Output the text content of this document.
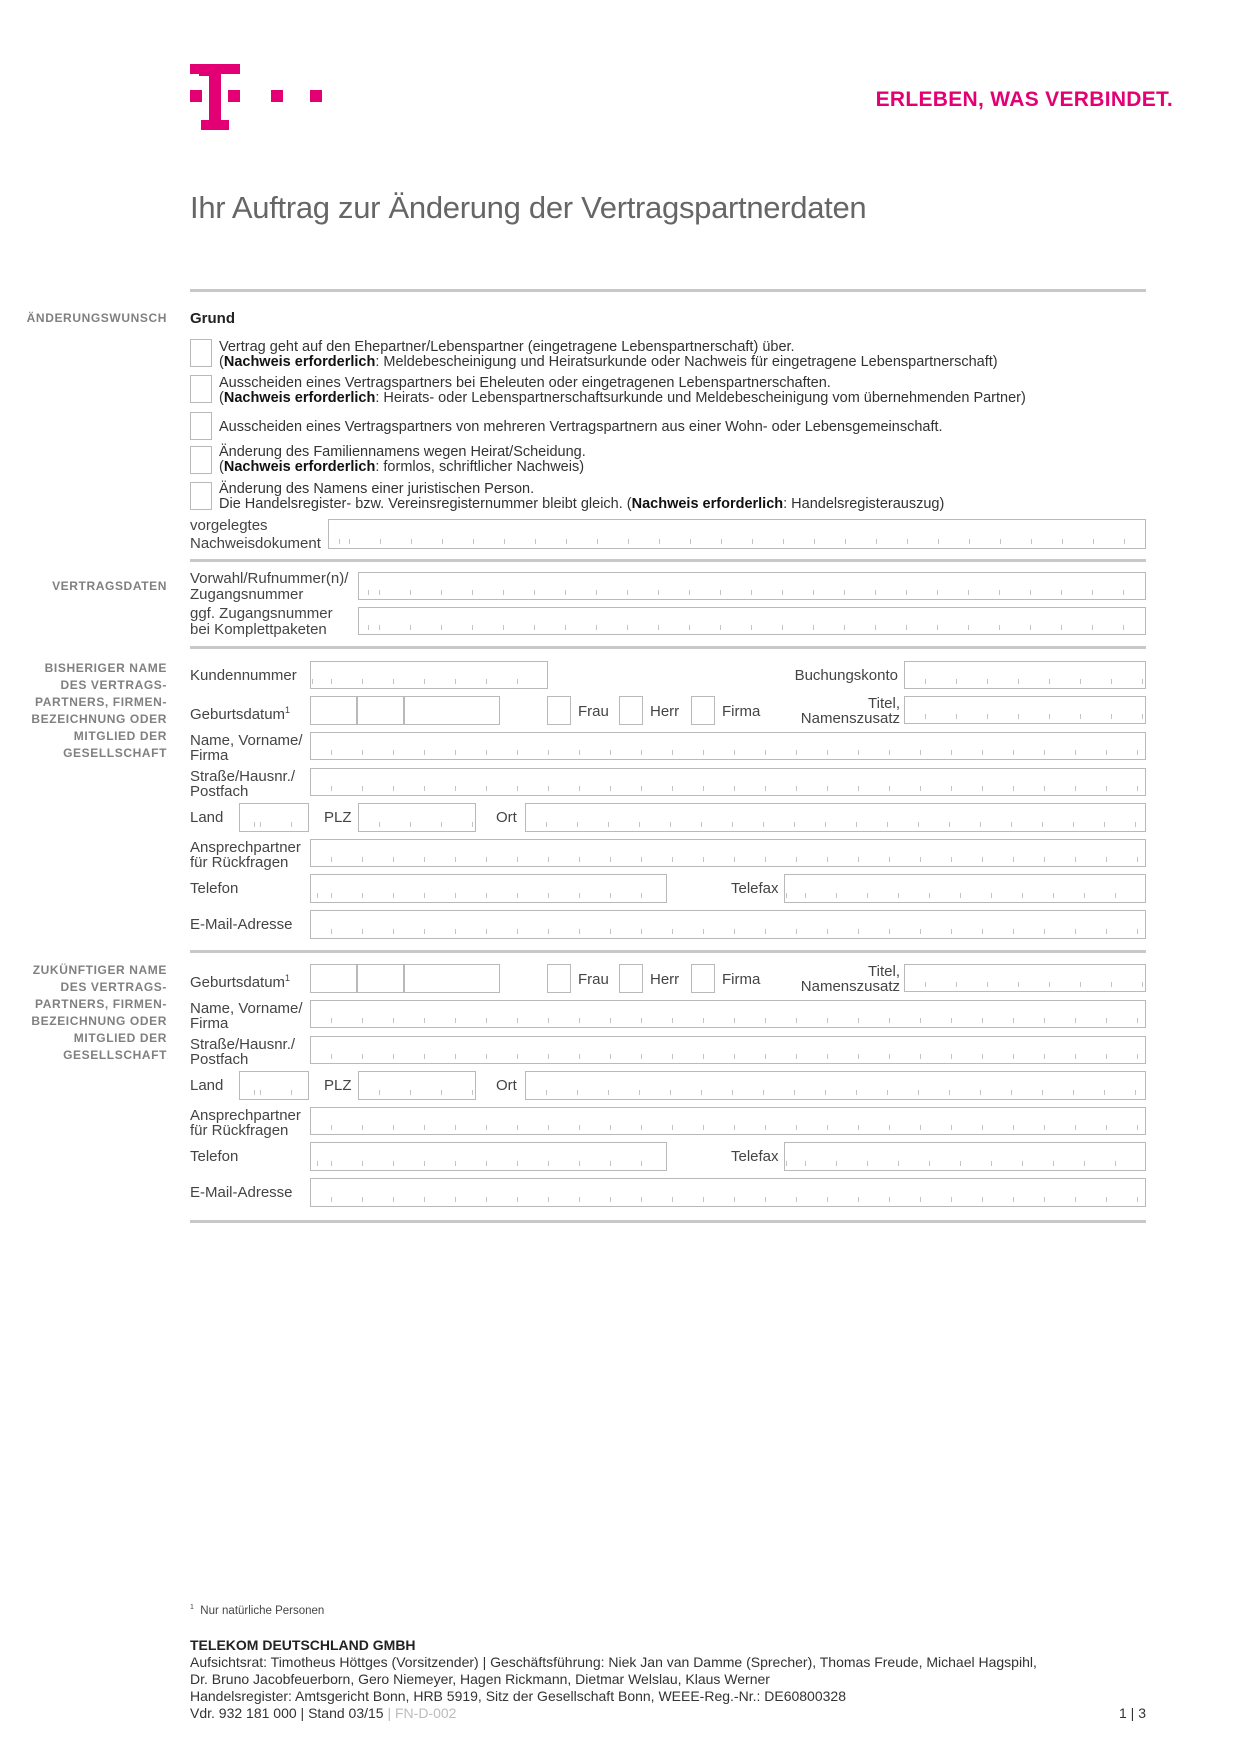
ERLEBEN, WAS VERBINDET.
Ihr Auftrag zur Änderung der Vertragspartnerdaten
ÄNDERUNGSWUNSCH Grund
Vertrag geht auf den Ehepartner/Lebenspartner (eingetragene Lebenspartnerschaft) über.
(Nachweis erforderlich: Meldebescheinigung und Heiratsurkunde oder Nachweis für eingetragene Lebenspartnerschaft)
Ausscheiden eines Vertragspartners bei Eheleuten oder eingetragenen Lebenspartnerschaften.
(Nachweis erforderlich: Heirats- oder Lebenspartnerschaftsurkunde und Meldebescheinigung vom übernehmenden Partner)
Ausscheiden eines Vertragspartners von mehreren Vertragspartnern aus einer Wohn- oder Lebensgemeinschaft.
Änderung des Familiennamens wegen Heirat/Scheidung.
(Nachweis erforderlich: formlos, schriftlicher Nachweis)
Änderung des Namens einer juristischen Person.
Die Handelsregister- bzw. Vereinsregisternummer bleibt gleich. (Nachweis erforderlich: Handelsregisterauszug)
vorgelegtes
Nachweisdokument
VERTRAGSDATEN Vorwahl/Rufnummer(n)/
Zugangsnummer
ggf. Zugangsnummer
bei Komplettpaketen
BISHERIGER NAME
DES VERTRAGS-
PARTNERS, FIRMEN-
BEZEICHNUNG ODER
MITGLIED DER
GESELLSCHAFT
Kundennummer	Buchungskonto
Geburtsdatum$^1$	Frau	Herr	Firma	Titel,
Namenszusatz
Name, Vorname/
Firma
Straße/Hausnr./
Postfach
Land	PLZ	Ort
Ansprechpartner
für Rückfragen
Telefon	Telefax
E-Mail-Adresse
ZUKÜNFTIGER NAME
DES VERTRAGS-
PARTNERS, FIRMEN-
BEZEICHNUNG ODER
MITGLIED DER
GESELLSCHAFT
Geburtsdatum$^1$	Frau	Herr	Firma	Titel,
Namenszusatz
Name, Vorname/
Firma
Straße/Hausnr./
Postfach
Land	PLZ	Ort
Ansprechpartner
für Rückfragen
Telefon	Telefax
E-Mail-Adresse
$^1$ Nur natürliche Personen
TELEKOM DEUTSCHLAND GMBH
Aufsichtsrat: Timotheus Höttges (Vorsitzender) | Geschäftsführung: Niek Jan van Damme (Sprecher), Thomas Freude, Michael Hagspihl,
Dr. Bruno Jacobfeuerborn, Gero Niemeyer, Hagen Rickmann, Dietmar Welslau, Klaus Werner
Handelsregister: Amtsgericht Bonn, HRB 5919, Sitz der Gesellschaft Bonn, WEEE-Reg.-Nr.: DE60800328
Vdr. 932 181 000 | Stand 03/15 | FN-D-002	1 | 3
